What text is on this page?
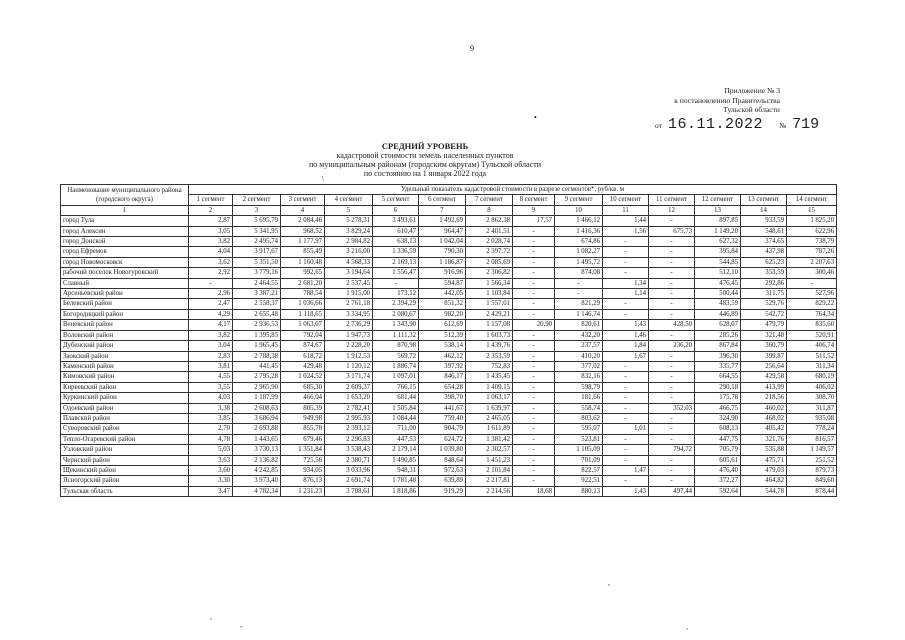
9
Приложение № 3
к постановлению Правительства
Тульской области
от 16.11.2022 № 719
•
СРЕДНИЙ УРОВЕНЬ
кадастровой стоимости земель населенных пунктов
по муниципальным районам (городским округам) Тульской области
по состоянию на 1 января 2022 года
\
Наименование муниципального района (городского округа)	Удельный показатель кадастровой стоимости в разрезе сегментов*, руб/кв. м													
	1 сегмент	2 сегмент	3 сегмент	4 сегмент	5 сегмент	6 сегмент	7 сегмент	8 сегмент	9 сегмент	10 сегмент	11 сегмент	12 сегмент	13 сегмент	14 сегмент
1	2	3	4	5	6	7	8	9	10	11	12	13	14	15
город Тула	2,87	5 695,79	2 084,46	5 278,31	3 493,61	1 492,69	2 862,38	17,57	1 466,12	1,44	-	897,85	933,59	1 825,20
город Алексин	3,05	5 341,95	968,52	3 829,24	610,47	964,47	2 401,51	-	1 416,36	1,56	675,73	1 149,20	548,61	622,96
город Донской	3,82	2 495,74	1 177,97	2 984,82	638,13	1 042,04	2 028,74	-	674,86	-	-	627,32	374,65	738,79
город Ефремов	4,04	3 917,67	855,49	3 216,00	1 336,59	790,30	2 397,72	-	1 082,27	-	-	395,84	437,98	787,26
город Новомосковск	3,62	5 351,50	1 160,48	4 568,33	2 169,13	1 186,87	2 085,69	-	1 495,72	-	-	544,85	625,23	2 207,63
рабочий поселок Новогуровский	2,92	3 779,16	992,65	3 194,64	1 556,47	916,96	2 306,82	-	874,08	-	-	512,10	353,59	300,46
Славный	-	2 464,55	2 681,20	2 537,45	-	594,87	1 566,34	-	-	1,34	-	476,45	292,86	-
Арсеньевский район	2,96	3 387,21	788,54	1 915,00	173,12	442,05	1 103,84	-	-	1,14	-	500,44	311,75	527,96
Белевский район	2,47	2 558,37	1 036,66	2 761,18	2 394,29	851,32	1 557,01	-	821,29	-	-	483,59	529,76	829,22
Богородицкий район	4,29	2 655,48	1 118,65	3 334,95	2 080,67	982,20	2 429,21	-	1 146,74	-	-	446,89	542,72	764,34
Веневский район	4,17	2 936,53	1 063,07	2 736,29	1 343,90	612,69	1 157,08	20,90	820,61	1,43	428,50	628,07	479,79	835,60
Воловский район	3,82	1 395,85	792,04	1 947,73	1 111,32	512,39	1 603,73	-	432,20	1,46	-	285,26	321,48	520,91
Дубенский район	3,04	1 965,45	874,67	2 228,20	870,98	538,14	1 439,76	-	237,57	1,84	236,20	867,84	360,79	406,74
Заокский район	2,83	2 788,38	618,72	1 912,53	569,72	462,12	2 353,59	-	410,20	1,67	-	396,30	399,87	511,52
Каменский район	3,81	441,45	429,48	1 120,12	1 886,74	397,92	752,83	-	377,02	-	-	335,77	256,64	311,34
Кимовский район	4,55	2 795,28	1 024,52	3 171,74	1 097,01	846,17	1 435,45	-	832,16	-	-	664,55	429,58	680,19
Киреевский район	3,55	2 965,90	685,30	2 609,37	766,15	654,28	1 409,15	-	598,79	-	-	290,18	413,99	406,02
Куркинский район	4,03	1 187,99	466,04	1 653,20	681,44	398,70	1 063,17	-	181,66	-	-	175,78	218,56	308,70
Одоевский район	3,38	2 608,63	805,39	2 782,41	1 505,84	441,67	1 639,97	-	558,74	-	352,03	466,75	460,02	311,87
Плавский район	3,85	3 686,94	949,98	2 995,93	1 084,44	759,40	2 465,05	-	803,62	-	-	324,90	468,02	935,08
Суворовский район	2,70	2 693,88	855,78	2 393,12	711,00	904,79	1 611,89	-	595,07	1,01	-	608,13	405,42	778,24
Тепло-Огаревский район	4,78	1 443,65	679,46	2 296,83	447,53	624,72	1 381,42	-	523,81	-	-	447,75	321,76	816,57
Узловский район	5,03	3 730,13	1 351,84	3 538,43	2 179,14	1 039,80	2 302,57	-	1 105,09	-	794,72	705,79	535,88	1 149,57
Чернский район	3,63	2 136,82	725,56	2 380,71	1 490,85	848,64	1 451,23	-	701,09	-	-	605,61	475,71	251,52
Щекинский район	3,60	4 242,85	934,05	3 033,96	948,31	972,63	2 101,84	-	822,57	1,47	-	476,40	479,03	879,73
Ясногорский район	3,30	3 973,40	876,13	2 691,74	1 781,48	639,89	2 217,81	-	922,51	-	-	372,27	464,82	849,60
Тульская область	3,47	4 782,34	1 231,23	3 708,61	1 818,86	919,29	2 214,56	18,68	880,13	1,43	497,44	592,64	544,78	878,44
,
-
,
,
